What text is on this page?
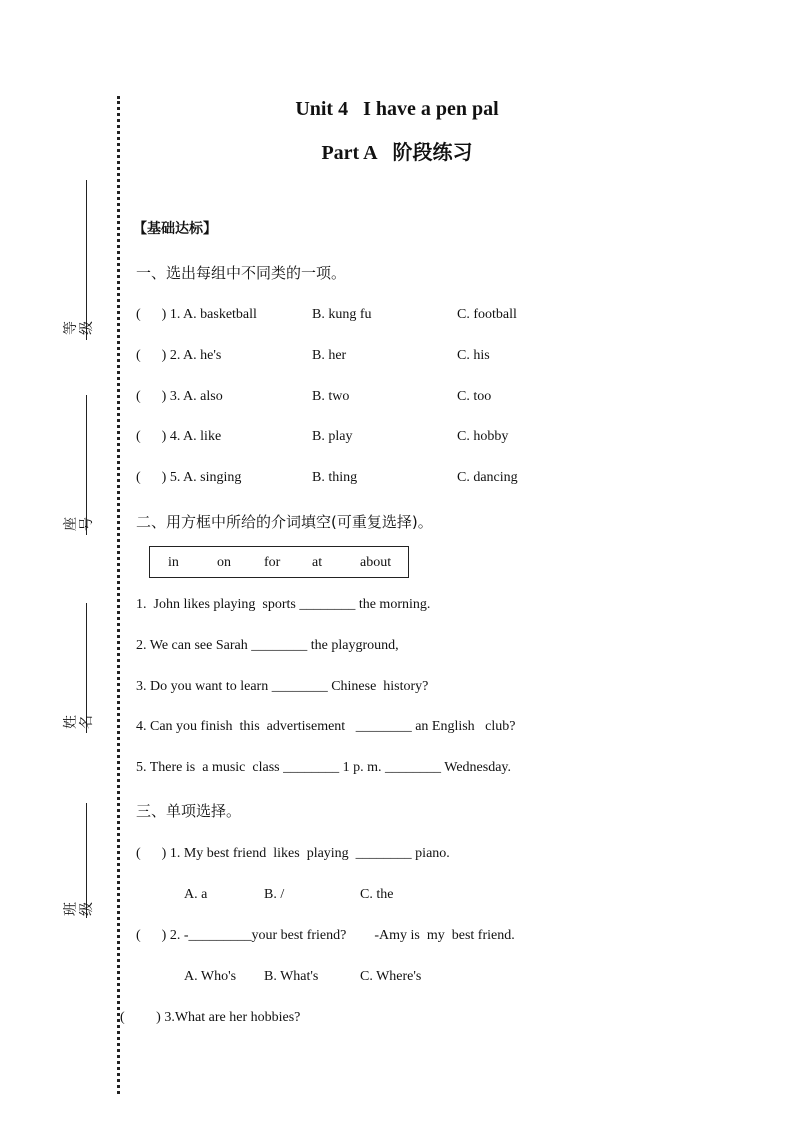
等级
座号
姓名
班级
Unit 4   I have a pen pal
Part A 阶段练习
【基础达标】
一、选出每组中不同类的一项。
(      ) 1. A. basketball	B. kung fu	C. football
(      ) 2. A. he's	B. her	C. his
(      ) 3. A. also	B. two	C. too
(      ) 4. A. like	B. play	C. hobby
(      ) 5. A. singing	B. thing	C. dancing
二、用方框中所给的介词填空(可重复选择)。
in	on for at	about
1.  John likes playing  sports ________ the morning.
2. We can see Sarah ________ the playground,
3. Do you want to learn ________ Chinese  history?
4. Can you finish  this  advertisement   ________ an English   club?
5. There is  a music  class ________ 1 p. m. ________ Wednesday.
三、单项选择。
(      ) 1. My best friend  likes  playing  ________ piano.
A. a	B. /	C. the
(      ) 2. -_________your best friend?        -Amy is  my  best friend.
A. Who's B. What's	C. Where's
(         ) 3.What are her hobbies?
